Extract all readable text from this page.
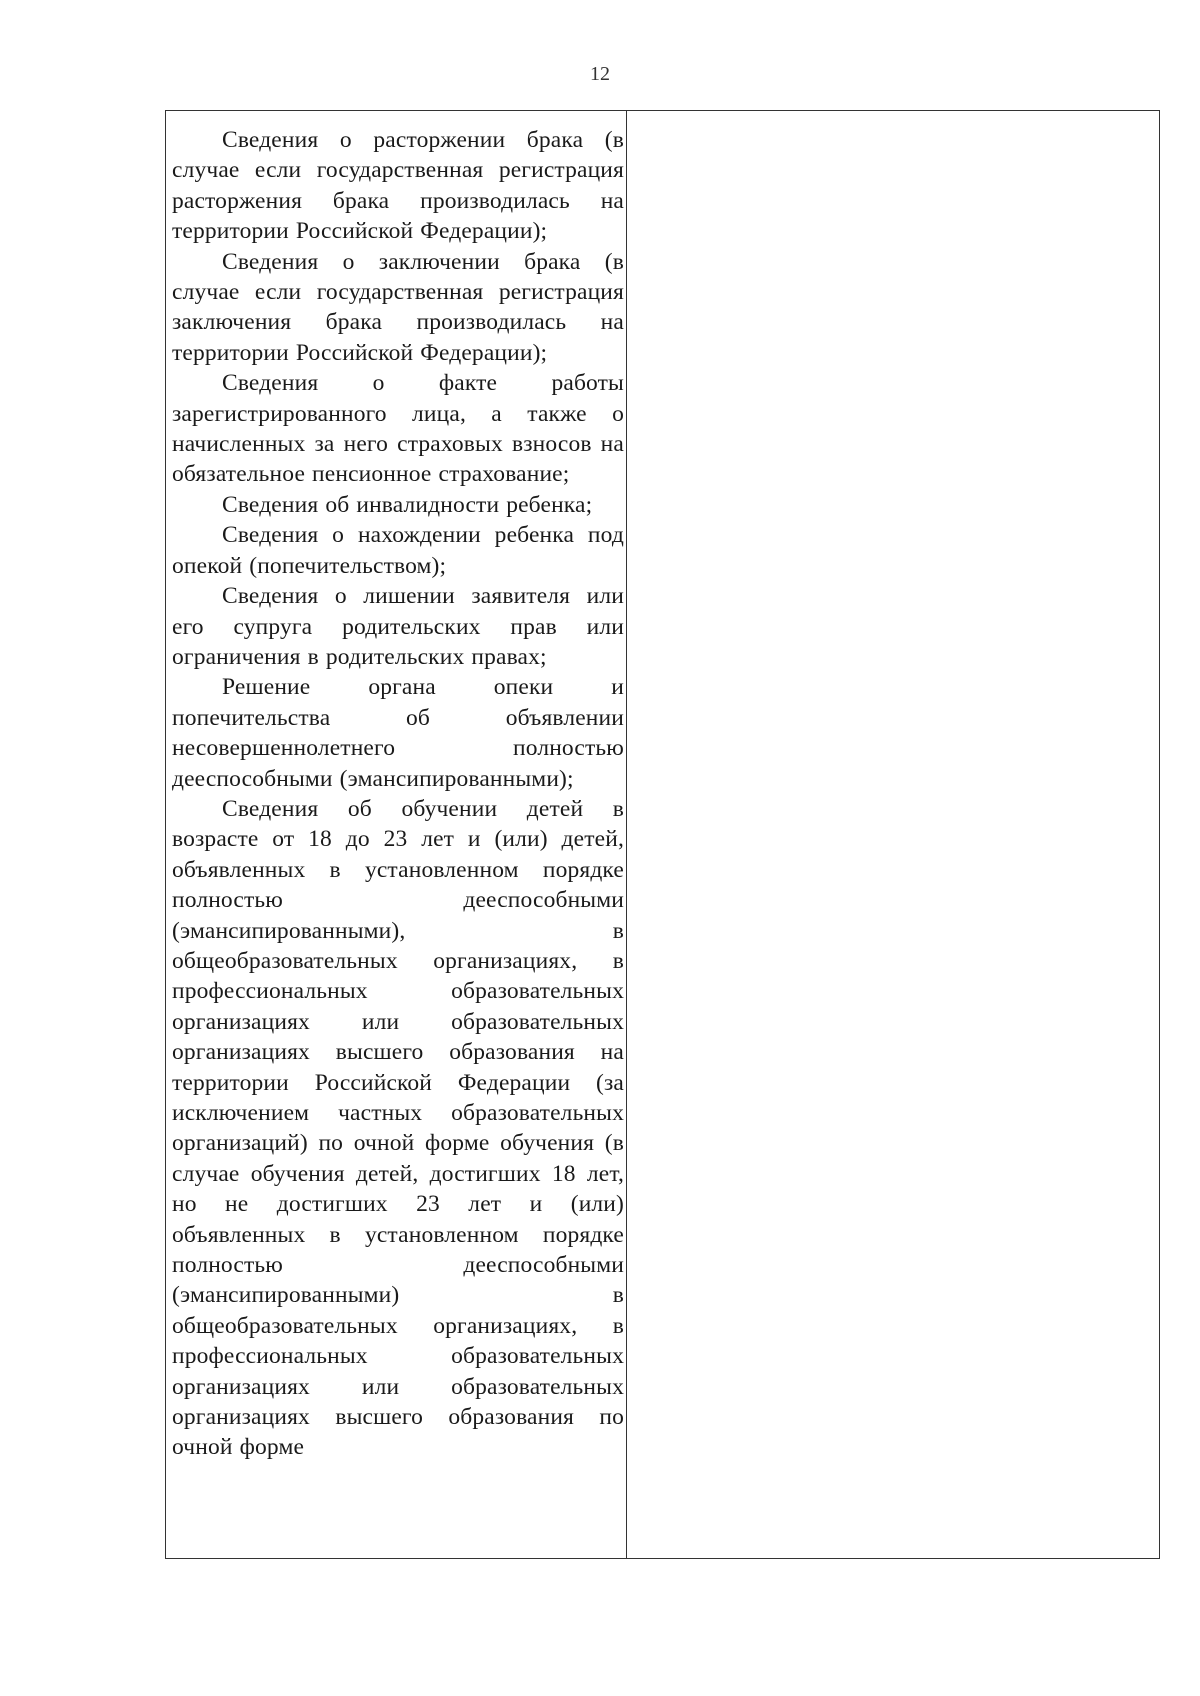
12

Сведения о расторжении брака (в случае если государственная регистрация расторжения брака производилась на территории Российской Федерации);

Сведения о заключении брака (в случае если государственная регистрация заключения брака производилась на территории Российской Федерации);

Сведения о факте работы зарегистрированного лица, а также о начисленных за него страховых взносов на обязательное пенсионное страхование;

Сведения об инвалидности ребенка;

Сведения о нахождении ребенка под опекой (попечительством);

Сведения о лишении заявителя или его супруга родительских прав или ограничения в родительских правах;

Решение органа опеки и попечительства об объявлении несовершеннолетнего полностью дееспособными (эмансипированными);

Сведения об обучении детей в возрасте от 18 до 23 лет и (или) детей, объявленных в установленном порядке полностью дееспособными (эмансипированными), в общеобразовательных организациях, в профессиональных образовательных организациях или образовательных организациях высшего образования на территории Российской Федерации (за исключением частных образовательных организаций) по очной форме обучения (в случае обучения детей, достигших 18 лет, но не достигших 23 лет и (или) объявленных в установленном порядке полностью дееспособными (эмансипированными) в общеобразовательных организациях, в профессиональных образовательных организациях или образовательных организациях высшего образования по очной форме
